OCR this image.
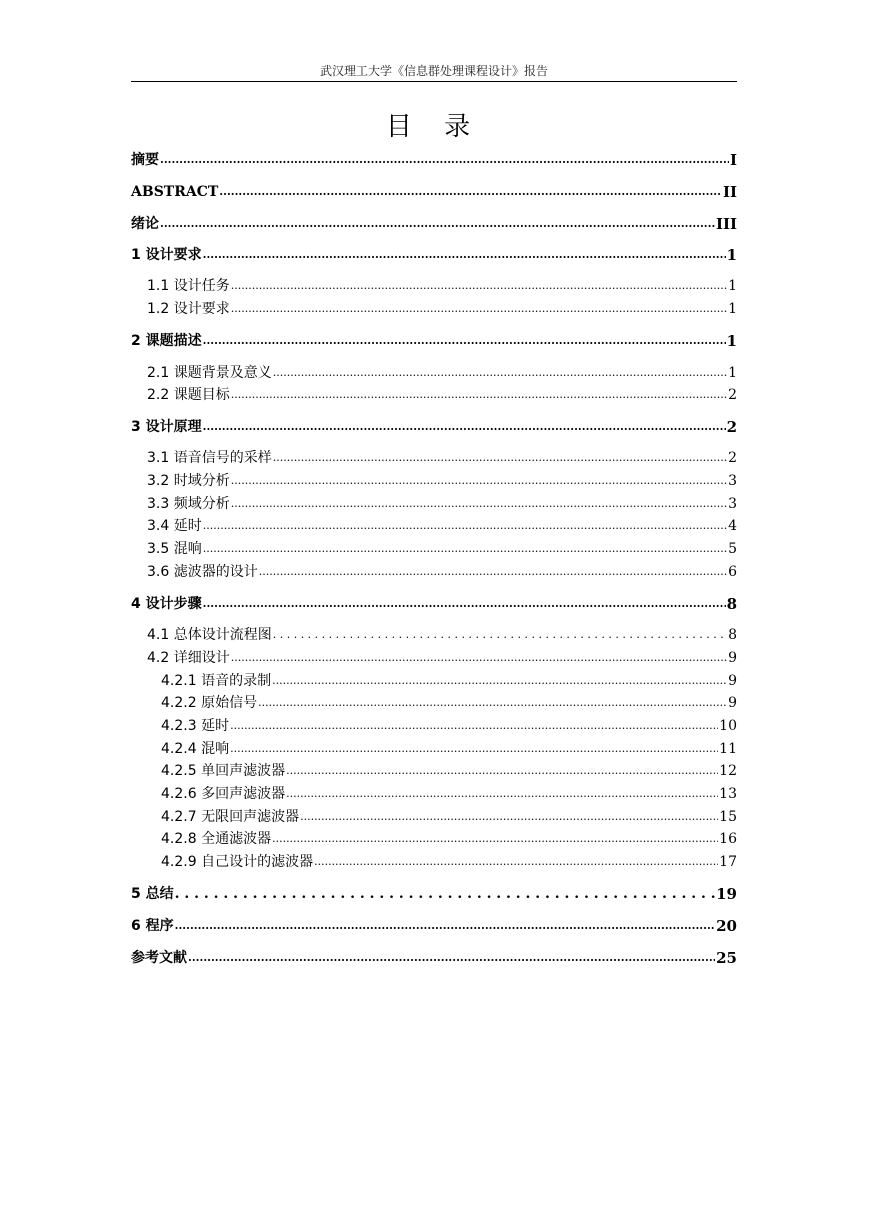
武汉理工大学《信息群处理课程设计》报告
目 录
摘要 .....	I
ABSTRACT .....	II
绪论 .....	III
1 设计要求 .....	1
1.1 设计任务 .....	1
1.2 设计要求 .....	1
2 课题描述 .....	1
2.1 课题背景及意义 .....	1
2.2 课题目标 .....	2
3 设计原理 .....	2
3.1 语音信号的采样 .....	2
3.2 时域分析 .....	3
3.3 频域分析 .....	3
3.4 延时 .....	4
3.5 混响 .....	5
3.6 滤波器的设计 .....	6
4 设计步骤 .....	8
4.1 总体设计流程图 . . .	8
4.2 详细设计 .....	9
4.2.1 语音的录制 .....	9
4.2.2 原始信号 .....	9
4.2.3 延时 .....	10
4.2.4 混响 .....	11
4.2.5 单回声滤波器 .....	12
4.2.6 多回声滤波器 .....	13
4.2.7 无限回声滤波器 .....	15
4.2.8 全通滤波器 .....	16
4.2.9 自己设计的滤波器 .....	17
5 总结 . . .	19
6 程序 .....	20
参考文献 .....	25
